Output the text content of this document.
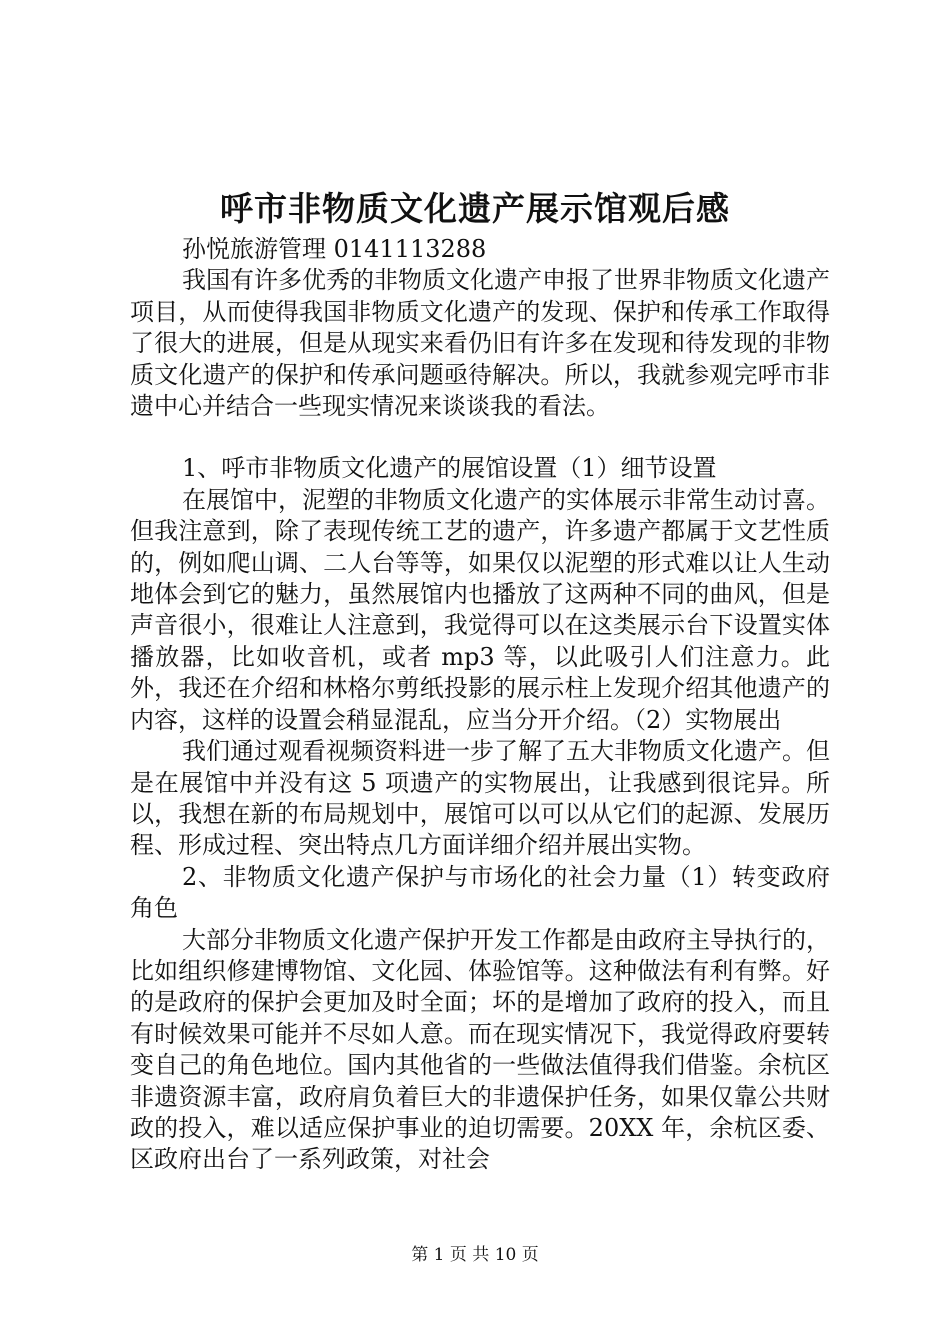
呼市非物质文化遗产展示馆观后感

孙悦旅游管理 0141113288

我国有许多优秀的非物质文化遗产申报了世界非物质文化遗产项目，从而使得我国非物质文化遗产的发现、保护和传承工作取得了很大的进展，但是从现实来看仍旧有许多在发现和待发现的非物质文化遗产的保护和传承问题亟待解决。所以，我就参观完呼市非遗中心并结合一些现实情况来谈谈我的看法。

1、呼市非物质文化遗产的展馆设置（1）细节设置

在展馆中，泥塑的非物质文化遗产的实体展示非常生动讨喜。但我注意到，除了表现传统工艺的遗产，许多遗产都属于文艺性质的，例如爬山调、二人台等等，如果仅以泥塑的形式难以让人生动地体会到它的魅力，虽然展馆内也播放了这两种不同的曲风，但是声音很小，很难让人注意到，我觉得可以在这类展示台下设置实体播放器，比如收音机，或者 mp3 等，以此吸引人们注意力。此外，我还在介绍和林格尔剪纸投影的展示柱上发现介绍其他遗产的内容，这样的设置会稍显混乱，应当分开介绍。（2）实物展出

我们通过观看视频资料进一步了解了五大非物质文化遗产。但是在展馆中并没有这 5 项遗产的实物展出，让我感到很诧异。所以，我想在新的布局规划中，展馆可以可以从它们的起源、发展历程、形成过程、突出特点几方面详细介绍并展出实物。

2、非物质文化遗产保护与市场化的社会力量（1）转变政府角色

大部分非物质文化遗产保护开发工作都是由政府主导执行的，比如组织修建博物馆、文化园、体验馆等。这种做法有利有弊。好的是政府的保护会更加及时全面；坏的是增加了政府的投入，而且有时候效果可能并不尽如人意。而在现实情况下，我觉得政府要转变自己的角色地位。国内其他省的一些做法值得我们借鉴。余杭区非遗资源丰富，政府肩负着巨大的非遗保护任务，如果仅靠公共财政的投入，难以适应保护事业的迫切需要。20XX 年，余杭区委、区政府出台了一系列政策，对社会

第 1 页 共 10 页
